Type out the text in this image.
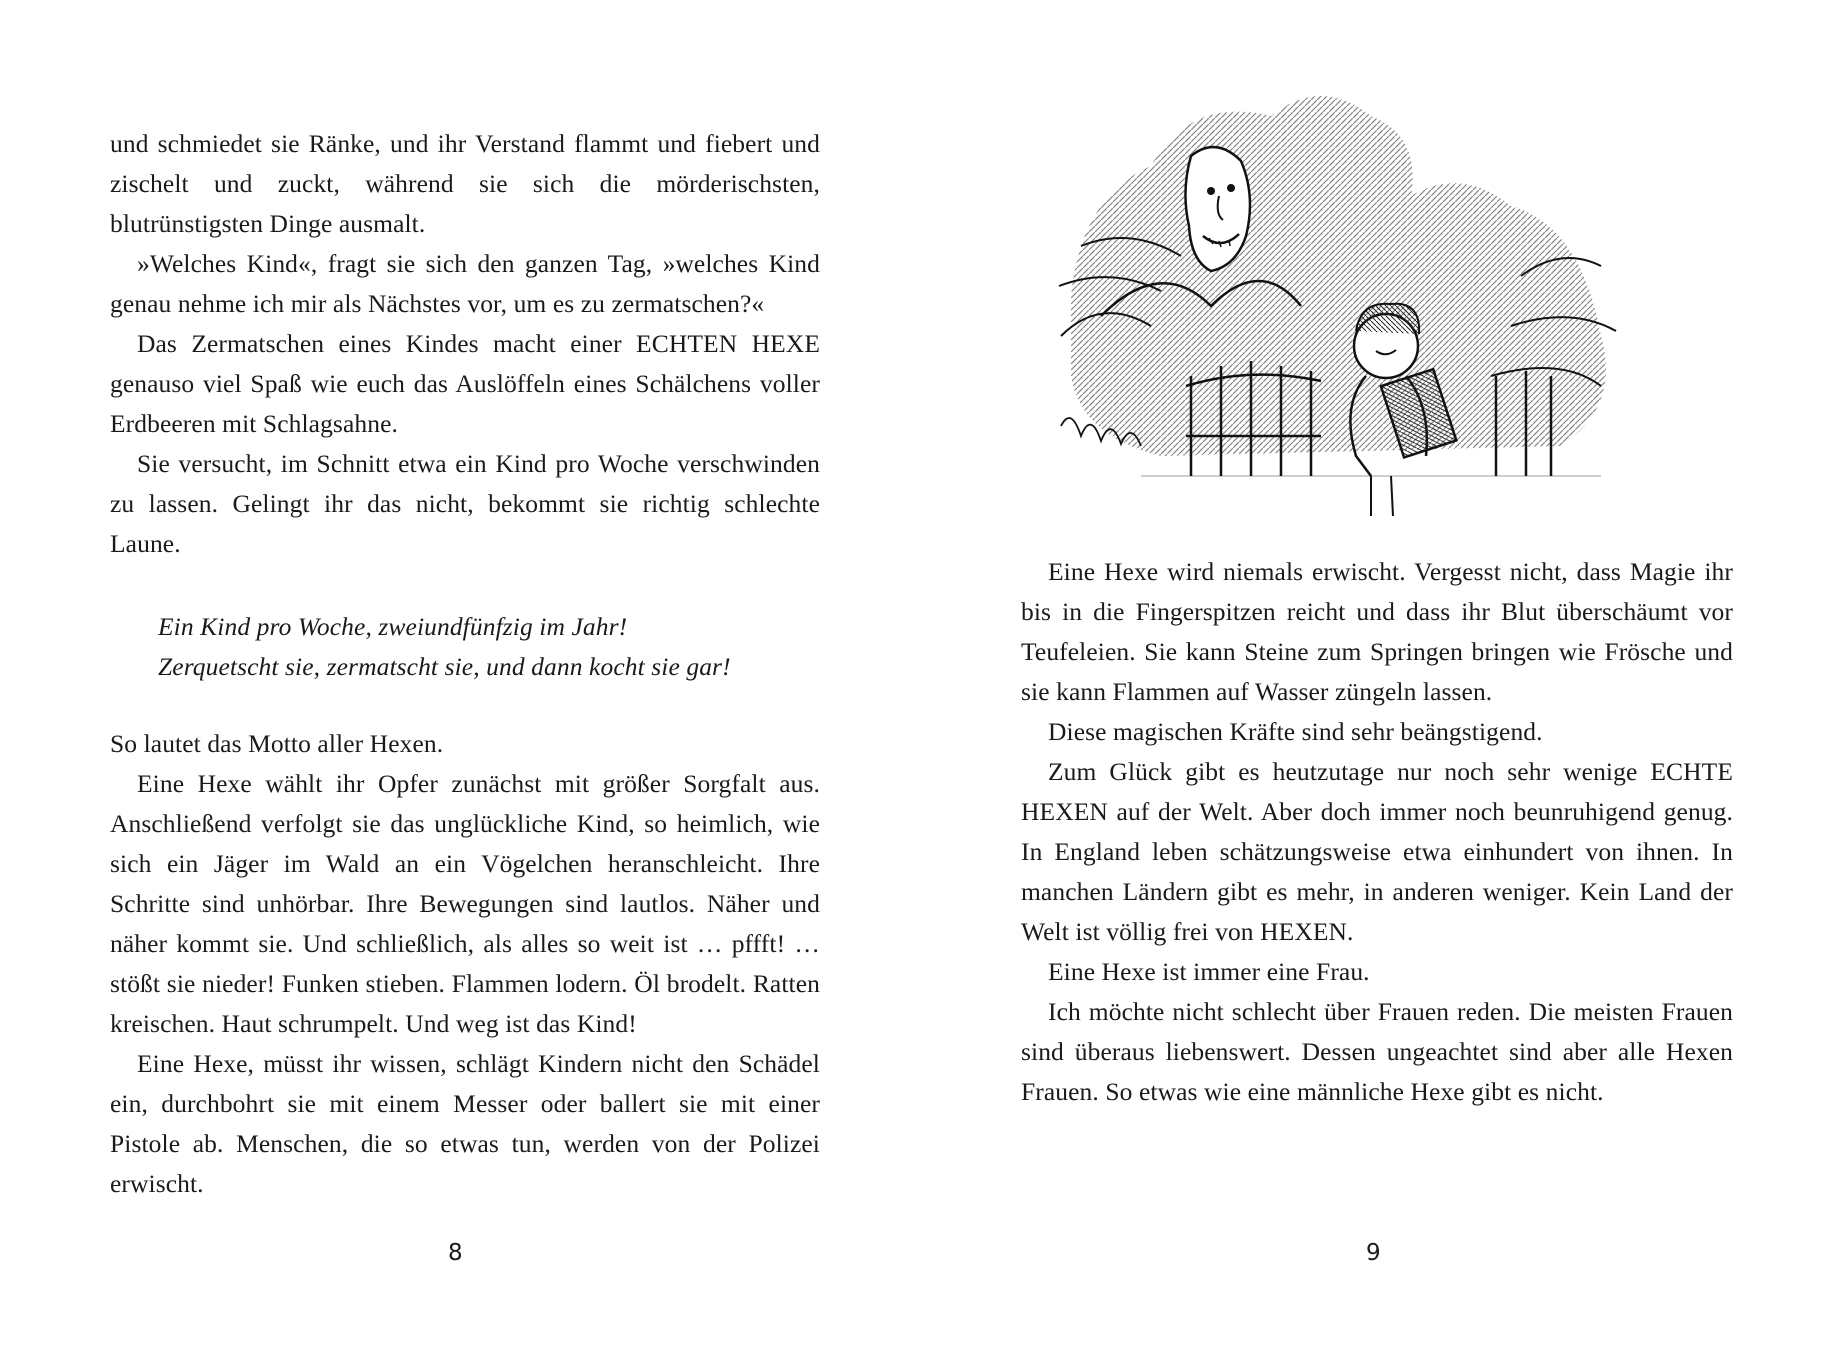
und schmiedet sie Ränke, und ihr Verstand flammt und fiebert und zischelt und zuckt, während sie sich die mörderischsten, blutrünstigsten Dinge ausmalt.

»Welches Kind«, fragt sie sich den ganzen Tag, »welches Kind genau nehme ich mir als Nächstes vor, um es zu zermatschen?«

Das Zermatschen eines Kindes macht einer ECHTEN HEXE genauso viel Spaß wie euch das Auslöffeln eines Schälchens voller Erdbeeren mit Schlagsahne.

Sie versucht, im Schnitt etwa ein Kind pro Woche verschwinden zu lassen. Gelingt ihr das nicht, bekommt sie richtig schlechte Laune.

Ein Kind pro Woche, zweiundfünfzig im Jahr!
Zerquetscht sie, zermatscht sie, und dann kocht sie gar!

So lautet das Motto aller Hexen.

Eine Hexe wählt ihr Opfer zunächst mit größer Sorgfalt aus. Anschließend verfolgt sie das unglückliche Kind, so heimlich, wie sich ein Jäger im Wald an ein Vögelchen heranschleicht. Ihre Schritte sind unhörbar. Ihre Bewegungen sind lautlos. Näher und näher kommt sie. Und schließlich, als alles so weit ist … pffft! … stößt sie nieder! Funken stieben. Flammen lodern. Öl brodelt. Ratten kreischen. Haut schrumpelt. Und weg ist das Kind!

Eine Hexe, müsst ihr wissen, schlägt Kindern nicht den Schädel ein, durchbohrt sie mit einem Messer oder ballert sie mit einer Pistole ab. Menschen, die so etwas tun, werden von der Polizei erwischt.

8

Eine Hexe wird niemals erwischt. Vergesst nicht, dass Magie ihr bis in die Fingerspitzen reicht und dass ihr Blut überschäumt vor Teufeleien. Sie kann Steine zum Springen bringen wie Frösche und sie kann Flammen auf Wasser züngeln lassen.

Diese magischen Kräfte sind sehr beängstigend.

Zum Glück gibt es heutzutage nur noch sehr wenige ECHTE HEXEN auf der Welt. Aber doch immer noch beunruhigend genug. In England leben schätzungsweise etwa einhundert von ihnen. In manchen Ländern gibt es mehr, in anderen weniger. Kein Land der Welt ist völlig frei von HEXEN.

Eine Hexe ist immer eine Frau.

Ich möchte nicht schlecht über Frauen reden. Die meisten Frauen sind überaus liebenswert. Dessen ungeachtet sind aber alle Hexen Frauen. So etwas wie eine männliche Hexe gibt es nicht.

9
